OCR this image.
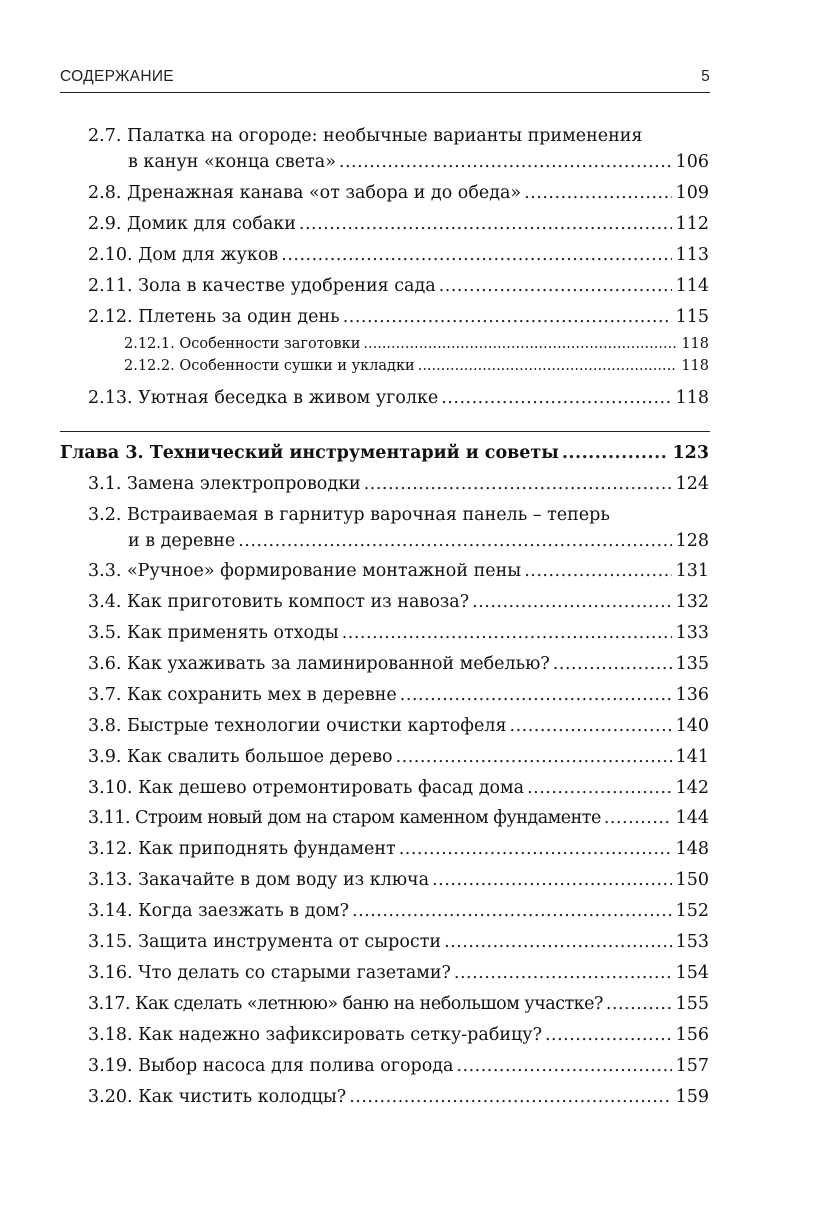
СОДЕРЖАНИЕ	5
2.7. Палатка на огороде: необычные варианты применения
в канун «конца света» .....	106
2.8. Дренажная канава «от забора и до обеда» .....	109
2.9. Домик для собаки .....	112
2.10. Дом для жуков .....	113
2.11. Зола в качестве удобрения сада .....	114
2.12. Плетень за один день .....	115
2.12.1. Особенности заготовки .....	118
2.12.2. Особенности сушки и укладки .....	118
2.13. Уютная беседка в живом уголке .....	118
Глава 3. Технический инструментарий и советы .....	123
3.1. Замена электропроводки .....	124
3.2. Встраиваемая в гарнитур варочная панель – теперь
и в деревне .....	128
3.3. «Ручное» формирование монтажной пены .....	131
3.4. Как приготовить компост из навоза? .....	132
3.5. Как применять отходы .....	133
3.6. Как ухаживать за ламинированной мебелью? .....	135
3.7. Как сохранить мех в деревне .....	136
3.8. Быстрые технологии очистки картофеля .....	140
3.9. Как свалить большое дерево .....	141
3.10. Как дешево отремонтировать фасад дома .....	142
3.11. Строим новый дом на старом каменном фундаменте .....	144
3.12. Как приподнять фундамент .....	148
3.13. Закачайте в дом воду из ключа .....	150
3.14. Когда заезжать в дом? .....	152
3.15. Защита инструмента от сырости .....	153
3.16. Что делать со старыми газетами? .....	154
3.17. Как сделать «летнюю» баню на небольшом участке? .....	155
3.18. Как надежно зафиксировать сетку-рабицу? .....	156
3.19. Выбор насоса для полива огорода .....	157
3.20. Как чистить колодцы? .....	159
